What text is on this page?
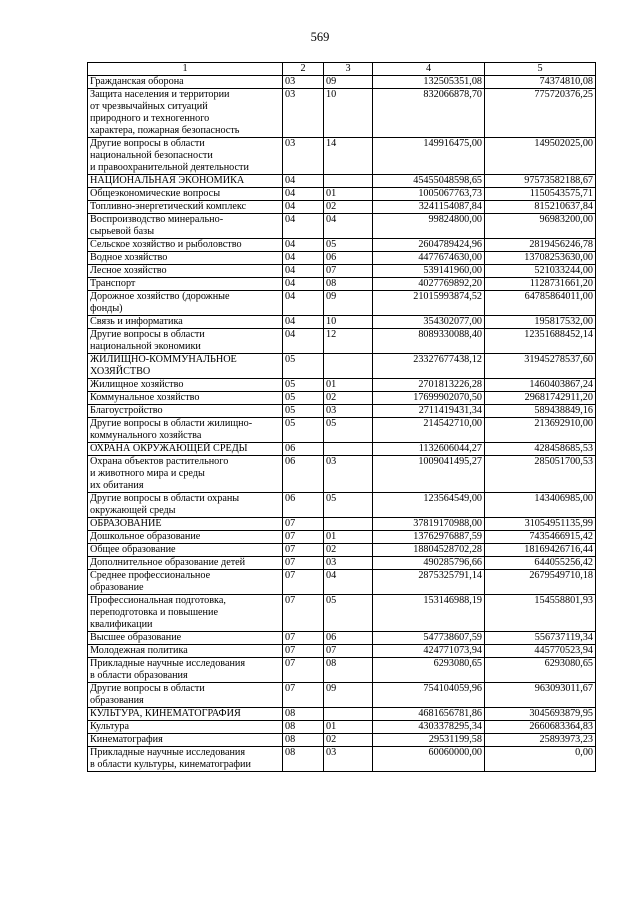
569
1	2	3	4	5
Гражданская оборона	03	09	132505351,08	74374810,08
Защита населения и территории
от чрезвычайных ситуаций
природного и техногенного
характера, пожарная безопасность	03	10	832066878,70	775720376,25
Другие вопросы в области
национальной безопасности
и правоохранительной деятельности	03	14	149916475,00	149502025,00
НАЦИОНАЛЬНАЯ ЭКОНОМИКА	04		45455048598,65	97573582188,67
Общеэкономические вопросы	04	01	1005067763,73	1150543575,71
Топливно-энергетический комплекс	04	02	3241154087,84	815210637,84
Воспроизводство минерально-
сырьевой базы	04	04	99824800,00	96983200,00
Сельское хозяйство и рыболовство	04	05	2604789424,96	2819456246,78
Водное хозяйство	04	06	4477674630,00	13708253630,00
Лесное хозяйство	04	07	539141960,00	521033244,00
Транспорт	04	08	4027769892,20	1128731661,20
Дорожное хозяйство (дорожные
фонды)	04	09	21015993874,52	64785864011,00
Связь и информатика	04	10	354302077,00	195817532,00
Другие вопросы в области
национальной экономики	04	12	8089330088,40	12351688452,14
ЖИЛИЩНО-КОММУНАЛЬНОЕ
ХОЗЯЙСТВО	05		23327677438,12	31945278537,60
Жилищное хозяйство	05	01	2701813226,28	1460403867,24
Коммунальное хозяйство	05	02	17699902070,50	29681742911,20
Благоустройство	05	03	2711419431,34	589438849,16
Другие вопросы в области жилищно-
коммунального хозяйства	05	05	214542710,00	213692910,00
ОХРАНА ОКРУЖАЮЩЕЙ СРЕДЫ	06		1132606044,27	428458685,53
Охрана объектов растительного
и животного мира и среды
их обитания	06	03	1009041495,27	285051700,53
Другие вопросы в области охраны
окружающей среды	06	05	123564549,00	143406985,00
ОБРАЗОВАНИЕ	07		37819170988,00	31054951135,99
Дошкольное образование	07	01	13762976887,59	7435466915,42
Общее образование	07	02	18804528702,28	18169426716,44
Дополнительное образование детей	07	03	490285796,66	644055256,42
Среднее профессиональное
образование	07	04	2875325791,14	2679549710,18
Профессиональная подготовка,
переподготовка и повышение
квалификации	07	05	153146988,19	154558801,93
Высшее образование	07	06	547738607,59	556737119,34
Молодежная политика	07	07	424771073,94	445770523,94
Прикладные научные исследования
в области образования	07	08	6293080,65	6293080,65
Другие вопросы в области
образования	07	09	754104059,96	963093011,67
КУЛЬТУРА, КИНЕМАТОГРАФИЯ	08		4681656781,86	3045693879,95
Культура	08	01	4303378295,34	2660683364,83
Кинематография	08	02	29531199,58	25893973,23
Прикладные научные исследования
в области культуры, кинематографии	08	03	60060000,00	0,00
